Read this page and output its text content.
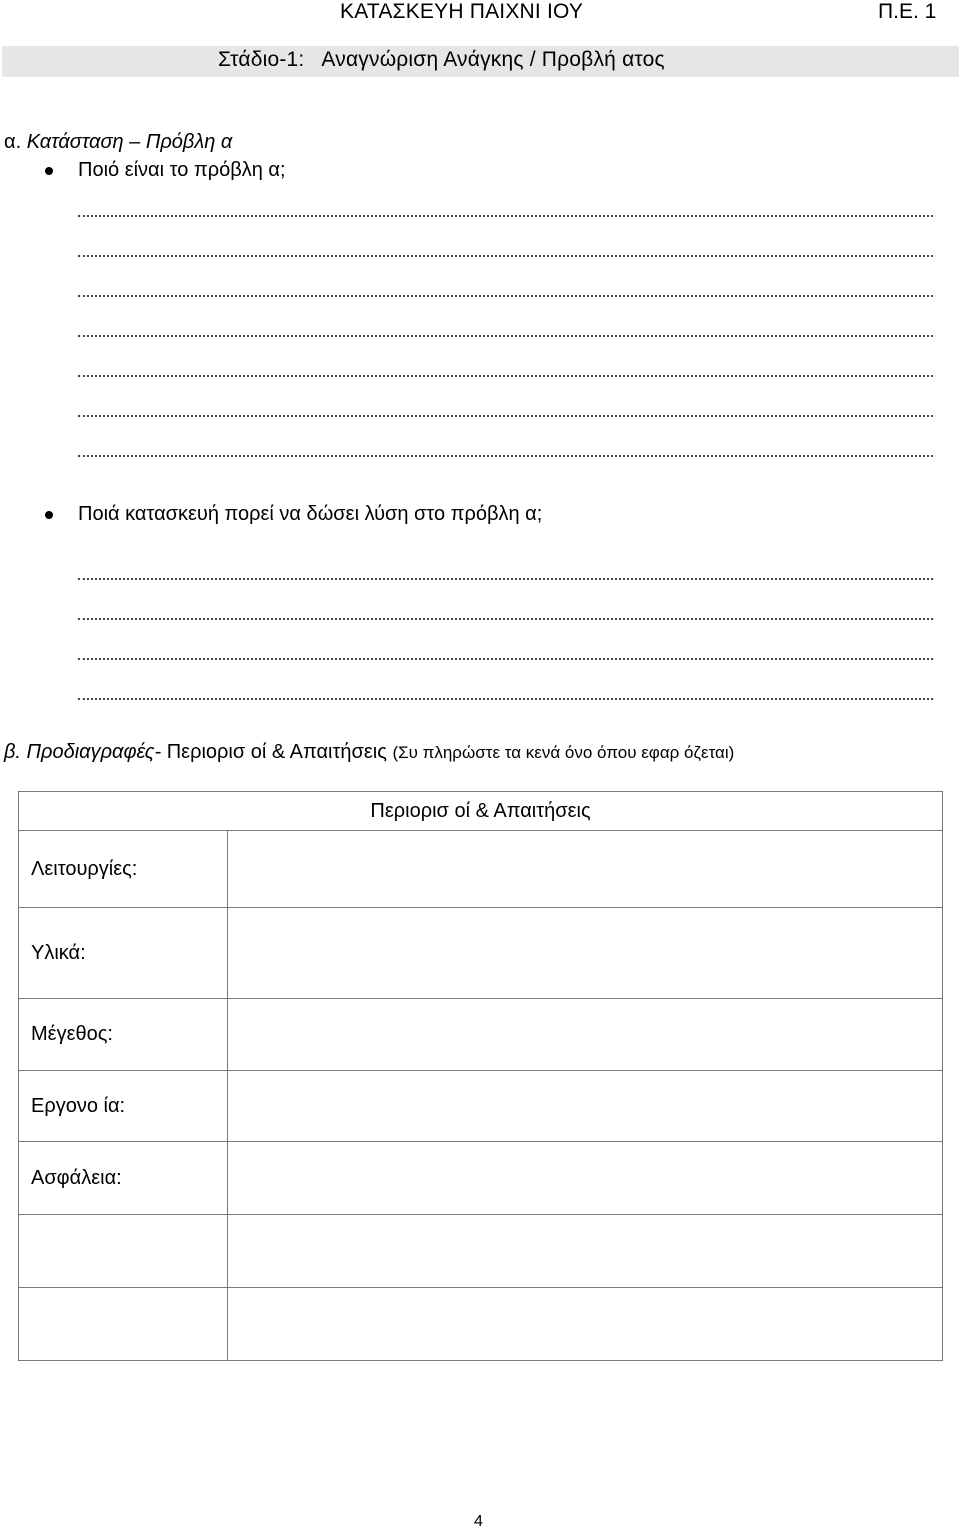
ΚΑΤΑΣΚΕΥΗ ΠΑΙΧΝΙ ΙΟΥ	Π.Ε. 1
Στάδιο-1: Αναγνώριση Ανάγκης / Προβλή ατος
α. Κατάσταση – Πρόβλη α
Ποιό είναι το πρόβλη α;
Ποιά κατασκευή πορεί να δώσει λύση στο πρόβλη α;
β. Προδιαγραφές- Περιορισ οί & Απαιτήσεις (Συ πληρώστε τα κενά όνο όπου εφαρ όζεται)
Περιορισ οί & Απαιτήσεις	
Λειτουργίες:	
Υλικά:	
Μέγεθος:	
Εργονο ία:	
Ασφάλεια:	

4
